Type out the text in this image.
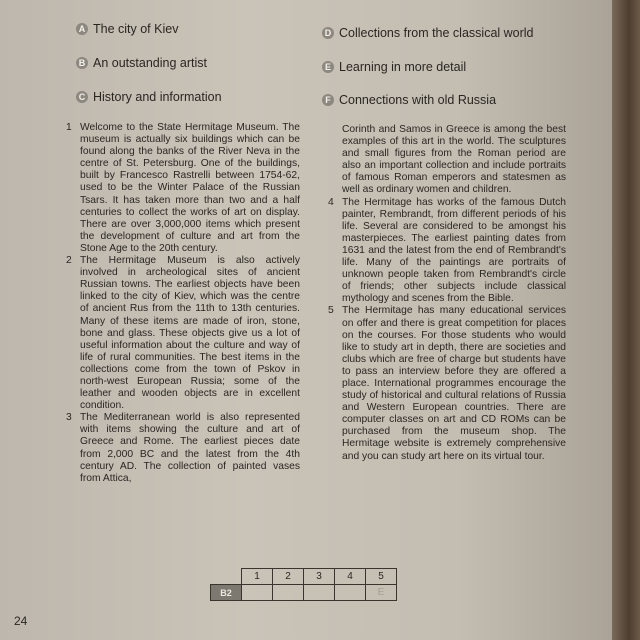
A The city of Kiev
B An outstanding artist
C History and information
D Collections from the classical world
E Learning in more detail
F Connections with old Russia
1 Welcome to the State Hermitage Museum. The museum is actually six buildings which can be found along the banks of the River Neva in the centre of St. Petersburg. One of the buildings, built by Francesco Rastrelli between 1754-62, used to be the Winter Palace of the Russian Tsars. It has taken more than two and a half centuries to collect the works of art on display. There are over 3,000,000 items which present the development of culture and art from the Stone Age to the 20th century.
2 The Hermitage Museum is also actively involved in archeological sites of ancient Russian towns. The earliest objects have been linked to the city of Kiev, which was the centre of ancient Rus from the 11th to 13th centuries. Many of these items are made of iron, stone, bone and glass. These objects give us a lot of useful information about the culture and way of life of rural communities. The best items in the collections come from the town of Pskov in north-west European Russia; some of the leather and wooden objects are in excellent condition.
3 The Mediterranean world is also represented with items showing the culture and art of Greece and Rome. The earliest pieces date from 2,000 BC and the latest from the 4th century AD. The collection of painted vases from Attica,
Corinth and Samos in Greece is among the best examples of this art in the world. The sculptures and small figures from the Roman period are also an important collection and include portraits of famous Roman emperors and statesmen as well as ordinary women and children.
4 The Hermitage has works of the famous Dutch painter, Rembrandt, from different periods of his life. Several are considered to be amongst his masterpieces. The earliest painting dates from 1631 and the latest from the end of Rembrandt's life. Many of the paintings are portraits of unknown people taken from Rembrandt's circle of friends; other subjects include classical mythology and scenes from the Bible.
5 The Hermitage has many educational services on offer and there is great competition for places on the courses. For those students who would like to study art in depth, there are societies and clubs which are free of charge but students have to pass an interview before they are offered a place. International programmes encourage the study of historical and cultural relations of Russia and Western European countries. There are computer classes on art and CD ROMs can be purchased from the museum shop. The Hermitage website is extremely comprehensive and you can study art here on its virtual tour.
	1	2	3	4	5
B2					E
24
